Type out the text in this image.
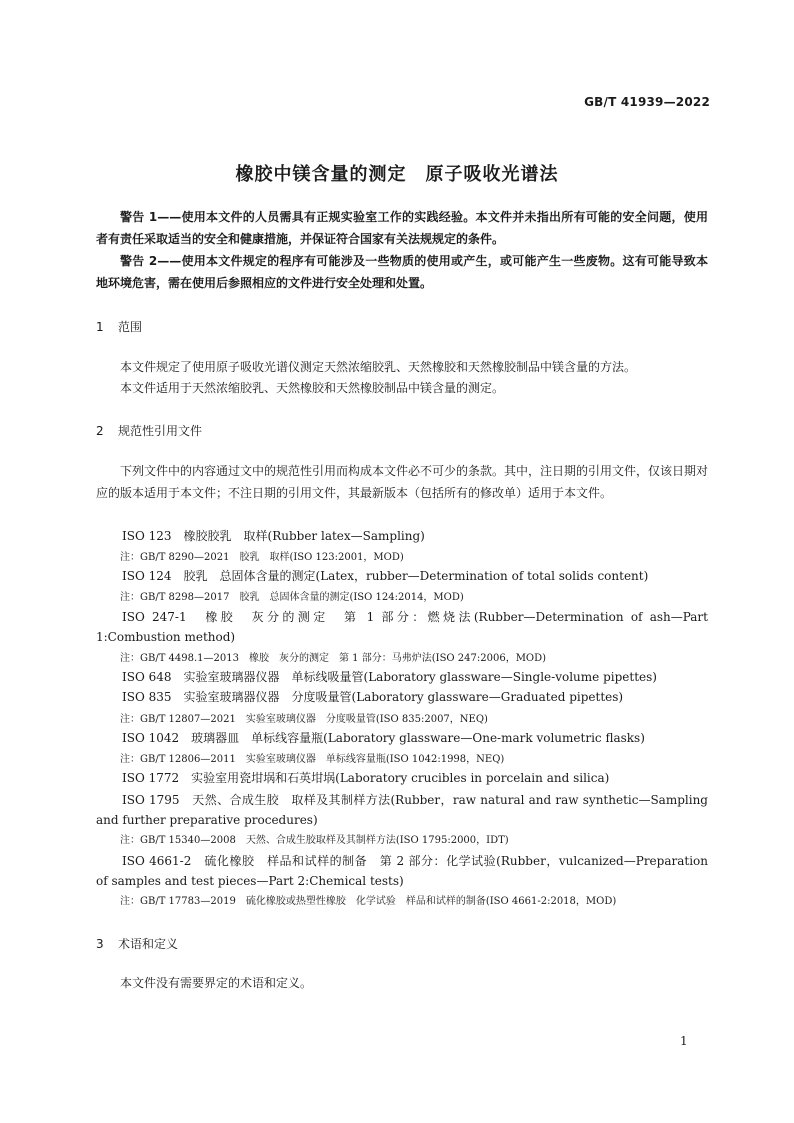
GB/T 41939—2022
橡胶中镁含量的测定　原子吸收光谱法
警告 1——使用本文件的人员需具有正规实验室工作的实践经验。本文件并未指出所有可能的安全问题，使用者有责任采取适当的安全和健康措施，并保证符合国家有关法规规定的条件。
警告 2——使用本文件规定的程序有可能涉及一些物质的使用或产生，或可能产生一些废物。这有可能导致本地环境危害，需在使用后参照相应的文件进行安全处理和处置。
1 范围
本文件规定了使用原子吸收光谱仪测定天然浓缩胶乳、天然橡胶和天然橡胶制品中镁含量的方法。
本文件适用于天然浓缩胶乳、天然橡胶和天然橡胶制品中镁含量的测定。
2 规范性引用文件
下列文件中的内容通过文中的规范性引用而构成本文件必不可少的条款。其中，注日期的引用文件，仅该日期对应的版本适用于本文件；不注日期的引用文件，其最新版本（包括所有的修改单）适用于本文件。
ISO 123　橡胶胶乳　取样(Rubber latex—Sampling)
注：GB/T 8290—2021　胶乳　取样(ISO 123:2001，MOD)
ISO 124　胶乳　总固体含量的测定(Latex，rubber—Determination of total solids content)
注：GB/T 8298—2017　胶乳　总固体含量的测定(ISO 124:2014，MOD)
ISO 247-1　橡胶　灰分的测定　第 1 部分：燃烧法(Rubber—Determination of ash—Part 1:Combustion method)
注：GB/T 4498.1—2013　橡胶　灰分的测定　第 1 部分：马弗炉法(ISO 247:2006，MOD)
ISO 648　实验室玻璃器仪器　单标线吸量管(Laboratory glassware—Single-volume pipettes)
ISO 835　实验室玻璃器仪器　分度吸量管(Laboratory glassware—Graduated pipettes)
注：GB/T 12807—2021　实验室玻璃仪器　分度吸量管(ISO 835:2007，NEQ)
ISO 1042　玻璃器皿　单标线容量瓶(Laboratory glassware—One-mark volumetric flasks)
注：GB/T 12806—2011　实验室玻璃仪器　单标线容量瓶(ISO 1042:1998，NEQ)
ISO 1772　实验室用瓷坩埚和石英坩埚(Laboratory crucibles in porcelain and silica)
ISO 1795　天然、合成生胶　取样及其制样方法(Rubber，raw natural and raw synthetic—Sampling and further preparative procedures)
注：GB/T 15340—2008　天然、合成生胶取样及其制样方法(ISO 1795:2000，IDT)
ISO 4661-2　硫化橡胶　样品和试样的制备　第 2 部分：化学试验(Rubber，vulcanized—Preparation of samples and test pieces—Part 2:Chemical tests)
注：GB/T 17783—2019　硫化橡胶或热塑性橡胶　化学试验　样品和试样的制备(ISO 4661-2:2018，MOD)
3 术语和定义
本文件没有需要界定的术语和定义。
1
